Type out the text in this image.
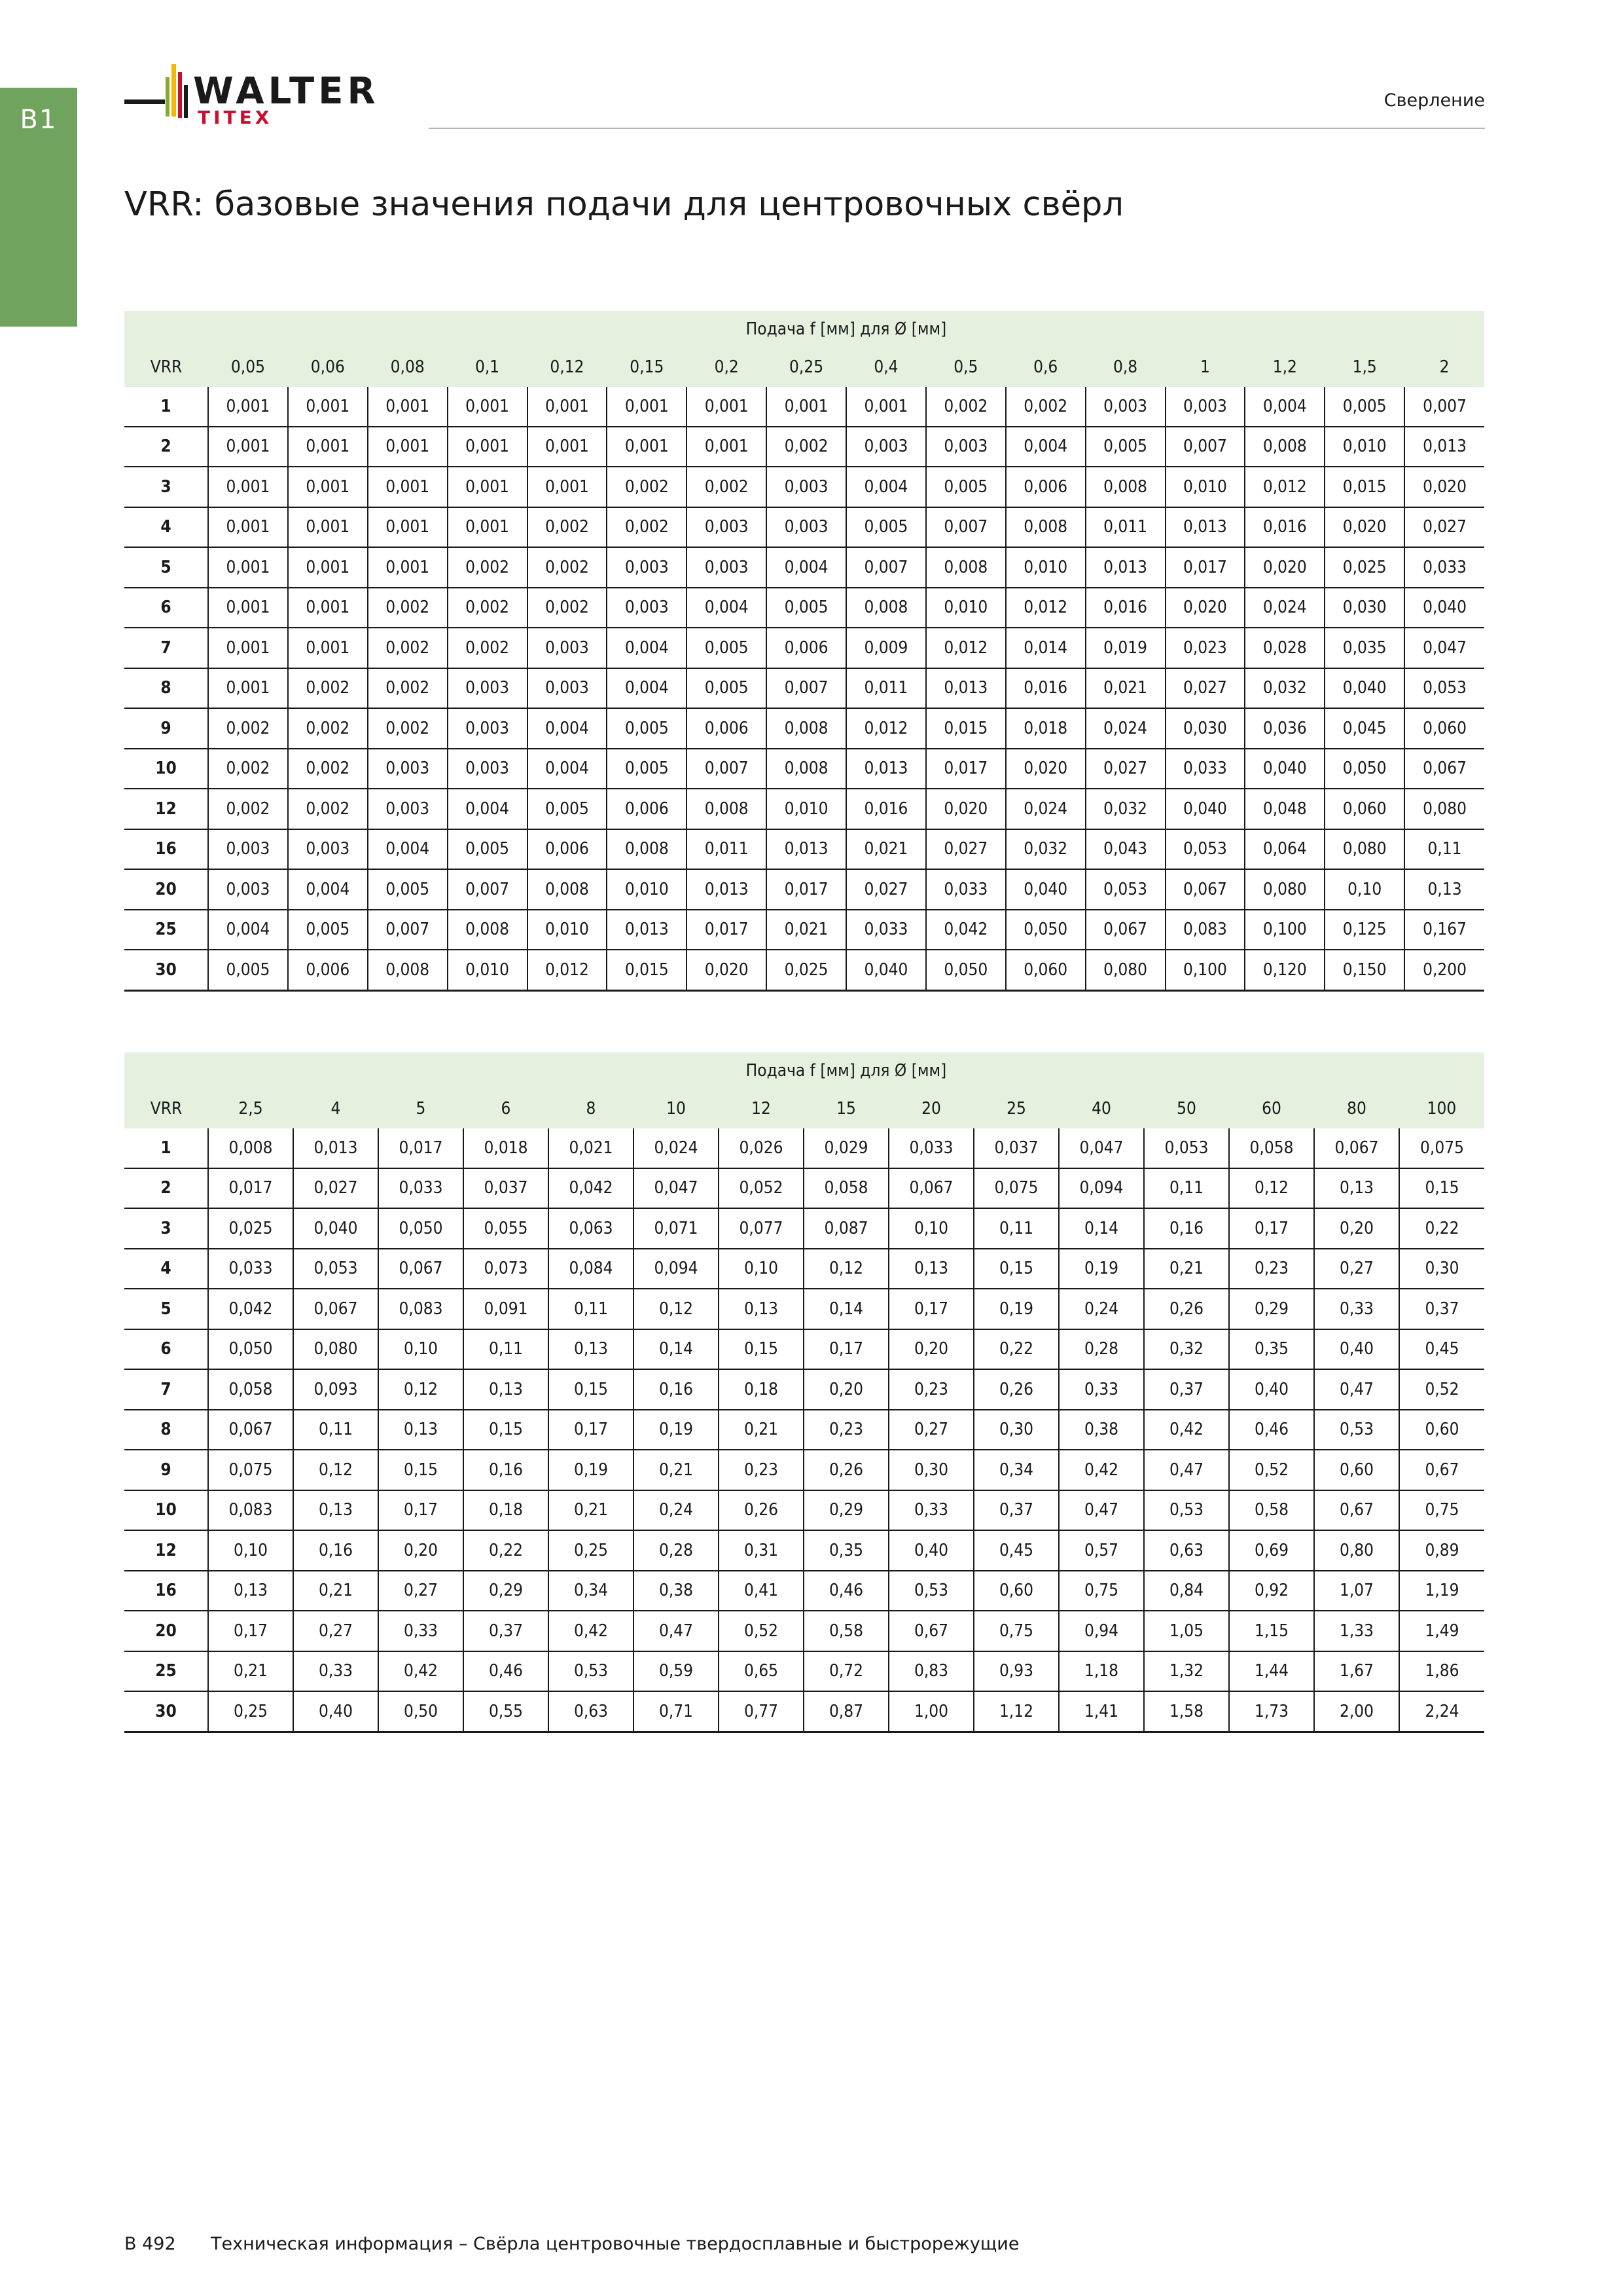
B1
WALTER
TITEX
Сверление
VRR: базовые значения подачи для центровочных свёрл
	Подача f [мм] для Ø [мм]															
VRR	0,05	0,06	0,08	0,1	0,12	0,15	0,2	0,25	0,4	0,5	0,6	0,8	1	1,2	1,5	2
1	0,001	0,001	0,001	0,001	0,001	0,001	0,001	0,001	0,001	0,002	0,002	0,003	0,003	0,004	0,005	0,007
2	0,001	0,001	0,001	0,001	0,001	0,001	0,001	0,002	0,003	0,003	0,004	0,005	0,007	0,008	0,010	0,013
3	0,001	0,001	0,001	0,001	0,001	0,002	0,002	0,003	0,004	0,005	0,006	0,008	0,010	0,012	0,015	0,020
4	0,001	0,001	0,001	0,001	0,002	0,002	0,003	0,003	0,005	0,007	0,008	0,011	0,013	0,016	0,020	0,027
5	0,001	0,001	0,001	0,002	0,002	0,003	0,003	0,004	0,007	0,008	0,010	0,013	0,017	0,020	0,025	0,033
6	0,001	0,001	0,002	0,002	0,002	0,003	0,004	0,005	0,008	0,010	0,012	0,016	0,020	0,024	0,030	0,040
7	0,001	0,001	0,002	0,002	0,003	0,004	0,005	0,006	0,009	0,012	0,014	0,019	0,023	0,028	0,035	0,047
8	0,001	0,002	0,002	0,003	0,003	0,004	0,005	0,007	0,011	0,013	0,016	0,021	0,027	0,032	0,040	0,053
9	0,002	0,002	0,002	0,003	0,004	0,005	0,006	0,008	0,012	0,015	0,018	0,024	0,030	0,036	0,045	0,060
10	0,002	0,002	0,003	0,003	0,004	0,005	0,007	0,008	0,013	0,017	0,020	0,027	0,033	0,040	0,050	0,067
12	0,002	0,002	0,003	0,004	0,005	0,006	0,008	0,010	0,016	0,020	0,024	0,032	0,040	0,048	0,060	0,080
16	0,003	0,003	0,004	0,005	0,006	0,008	0,011	0,013	0,021	0,027	0,032	0,043	0,053	0,064	0,080	0,11
20	0,003	0,004	0,005	0,007	0,008	0,010	0,013	0,017	0,027	0,033	0,040	0,053	0,067	0,080	0,10	0,13
25	0,004	0,005	0,007	0,008	0,010	0,013	0,017	0,021	0,033	0,042	0,050	0,067	0,083	0,100	0,125	0,167
30	0,005	0,006	0,008	0,010	0,012	0,015	0,020	0,025	0,040	0,050	0,060	0,080	0,100	0,120	0,150	0,200
	Подача f [мм] для Ø [мм]														
VRR	2,5	4	5	6	8	10	12	15	20	25	40	50	60	80	100
1	0,008	0,013	0,017	0,018	0,021	0,024	0,026	0,029	0,033	0,037	0,047	0,053	0,058	0,067	0,075
2	0,017	0,027	0,033	0,037	0,042	0,047	0,052	0,058	0,067	0,075	0,094	0,11	0,12	0,13	0,15
3	0,025	0,040	0,050	0,055	0,063	0,071	0,077	0,087	0,10	0,11	0,14	0,16	0,17	0,20	0,22
4	0,033	0,053	0,067	0,073	0,084	0,094	0,10	0,12	0,13	0,15	0,19	0,21	0,23	0,27	0,30
5	0,042	0,067	0,083	0,091	0,11	0,12	0,13	0,14	0,17	0,19	0,24	0,26	0,29	0,33	0,37
6	0,050	0,080	0,10	0,11	0,13	0,14	0,15	0,17	0,20	0,22	0,28	0,32	0,35	0,40	0,45
7	0,058	0,093	0,12	0,13	0,15	0,16	0,18	0,20	0,23	0,26	0,33	0,37	0,40	0,47	0,52
8	0,067	0,11	0,13	0,15	0,17	0,19	0,21	0,23	0,27	0,30	0,38	0,42	0,46	0,53	0,60
9	0,075	0,12	0,15	0,16	0,19	0,21	0,23	0,26	0,30	0,34	0,42	0,47	0,52	0,60	0,67
10	0,083	0,13	0,17	0,18	0,21	0,24	0,26	0,29	0,33	0,37	0,47	0,53	0,58	0,67	0,75
12	0,10	0,16	0,20	0,22	0,25	0,28	0,31	0,35	0,40	0,45	0,57	0,63	0,69	0,80	0,89
16	0,13	0,21	0,27	0,29	0,34	0,38	0,41	0,46	0,53	0,60	0,75	0,84	0,92	1,07	1,19
20	0,17	0,27	0,33	0,37	0,42	0,47	0,52	0,58	0,67	0,75	0,94	1,05	1,15	1,33	1,49
25	0,21	0,33	0,42	0,46	0,53	0,59	0,65	0,72	0,83	0,93	1,18	1,32	1,44	1,67	1,86
30	0,25	0,40	0,50	0,55	0,63	0,71	0,77	0,87	1,00	1,12	1,41	1,58	1,73	2,00	2,24
B 492 Техническая информация – Свёрла центровочные твердосплавные и быстрорежущие
